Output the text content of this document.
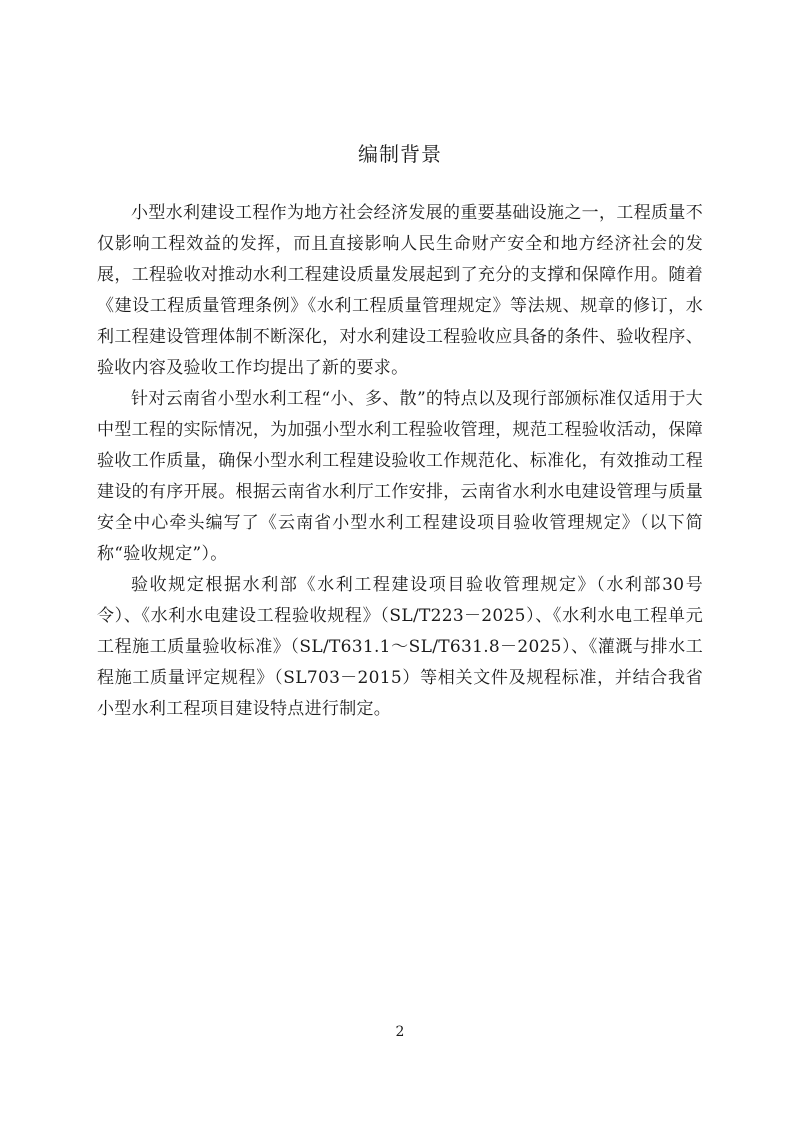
编制背景

小型水利建设工程作为地方社会经济发展的重要基础设施之一，工程质量不仅影响工程效益的发挥，而且直接影响人民生命财产安全和地方经济社会的发展，工程验收对推动水利工程建设质量发展起到了充分的支撑和保障作用。随着《建设工程质量管理条例》《水利工程质量管理规定》等法规、规章的修订，水利工程建设管理体制不断深化，对水利建设工程验收应具备的条件、验收程序、验收内容及验收工作均提出了新的要求。

针对云南省小型水利工程“小、多、散”的特点以及现行部颁标准仅适用于大中型工程的实际情况，为加强小型水利工程验收管理，规范工程验收活动，保障验收工作质量，确保小型水利工程建设验收工作规范化、标准化，有效推动工程建设的有序开展。根据云南省水利厅工作安排，云南省水利水电建设管理与质量安全中心牵头编写了《云南省小型水利工程建设项目验收管理规定》（以下简称“验收规定”）。

验收规定根据水利部《水利工程建设项目验收管理规定》（水利部30号令）、《水利水电建设工程验收规程》（SL/T223－2025）、《水利水电工程单元工程施工质量验收标准》（SL/T631.1～SL/T631.8－2025）、《灌溉与排水工程施工质量评定规程》（SL703－2015）等相关文件及规程标准，并结合我省小型水利工程项目建设特点进行制定。

2
